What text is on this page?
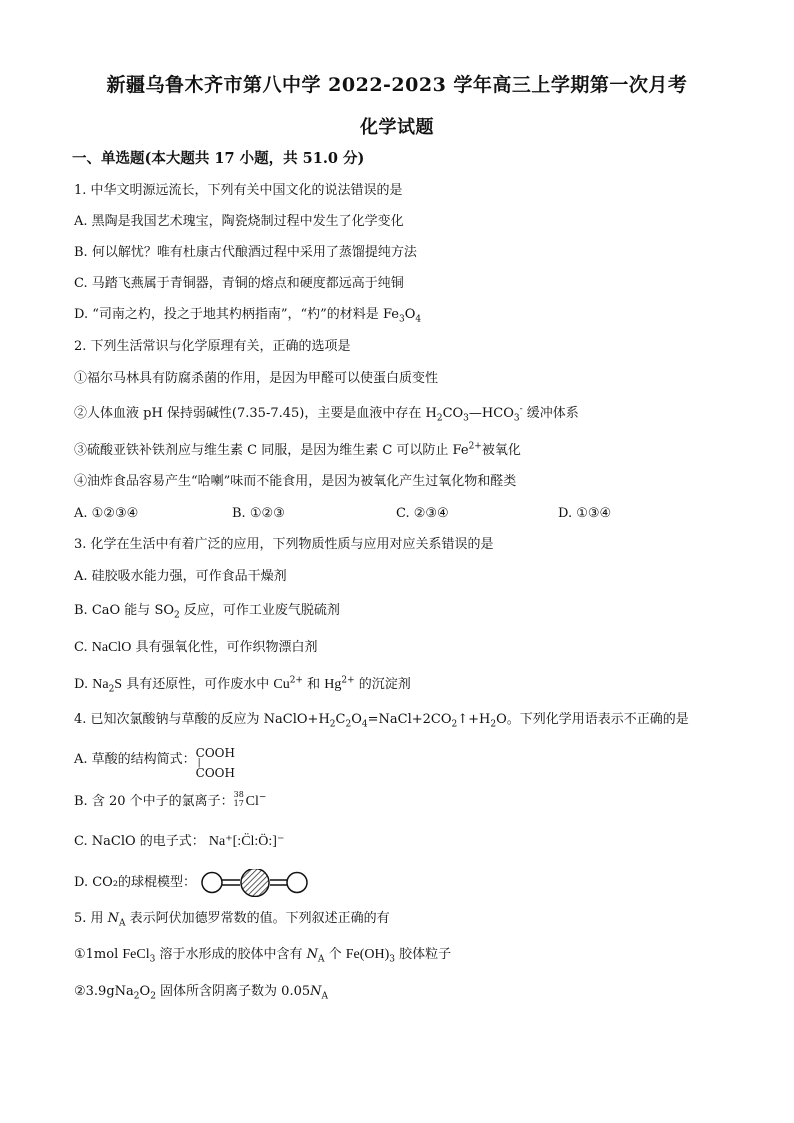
新疆乌鲁木齐市第八中学 2022-2023 学年高三上学期第一次月考
化学试题
一、单选题(本大题共 17 小题，共 51.0 分)
1. 中华文明源远流长，下列有关中国文化的说法错误的是
A. 黑陶是我国艺术瑰宝，陶瓷烧制过程中发生了化学变化
B. 何以解忧？唯有杜康古代酿酒过程中采用了蒸馏提纯方法
C. 马踏飞燕属于青铜器，青铜的熔点和硬度都远高于纯铜
D. “司南之杓，投之于地其杓柄指南”，“杓”的材料是 $Fe_3O_4$
2. 下列生活常识与化学原理有关，正确的选项是
①福尔马林具有防腐杀菌的作用，是因为甲醛可以使蛋白质变性
②人体血液 pH 保持弱碱性(7.35-7.45)，主要是血液中存在 $H_2CO_3—HCO_3^-$ 缓冲体系
③硫酸亚铁补铁剂应与维生素 C 同服，是因为维生素 C 可以防止 $Fe^{2+}$被氧化
④油炸食品容易产生“哈喇”味而不能食用，是因为被氧化产生过氧化物和醛类
A. ①②③④	B. ①②③	C. ②③④	D. ①③④
3. 化学在生活中有着广泛的应用，下列物质性质与应用对应关系错误的是
A. 硅胶吸水能力强，可作食品干燥剂
B. CaO 能与 $SO_2$ 反应，可作工业废气脱硫剂
C. NaClO 具有强氧化性，可作织物漂白剂
D. $Na_2S$ 具有还原性，可作废水中 $Cu^{2+}$ 和 $Hg^{2+}$ 的沉淀剂
4. 已知次氯酸钠与草酸的反应为 $NaClO+H_2C_2O_4=NaCl+2CO_2↑+H_2O$。下列化学用语表示不正确的是
A. 草酸的结构简式： COOH
|
COOH
B. 含 20 个中子的氯离子： 38
17 Cl−
C. NaClO 的电子式： Na⁺[:C̈l:Ö:]⁻
D. CO₂的球棍模型：
5. 用 $N_A$ 表示阿伏加德罗常数的值。下列叙述正确的有
①1mol FeCl$_3$ 溶于水形成的胶体中含有 $N_A$ 个 $Fe(OH)_3$ 胶体粒子
$②3.9gNa_2O_2$ 固体所含阴离子数为 $0.05N_A$
